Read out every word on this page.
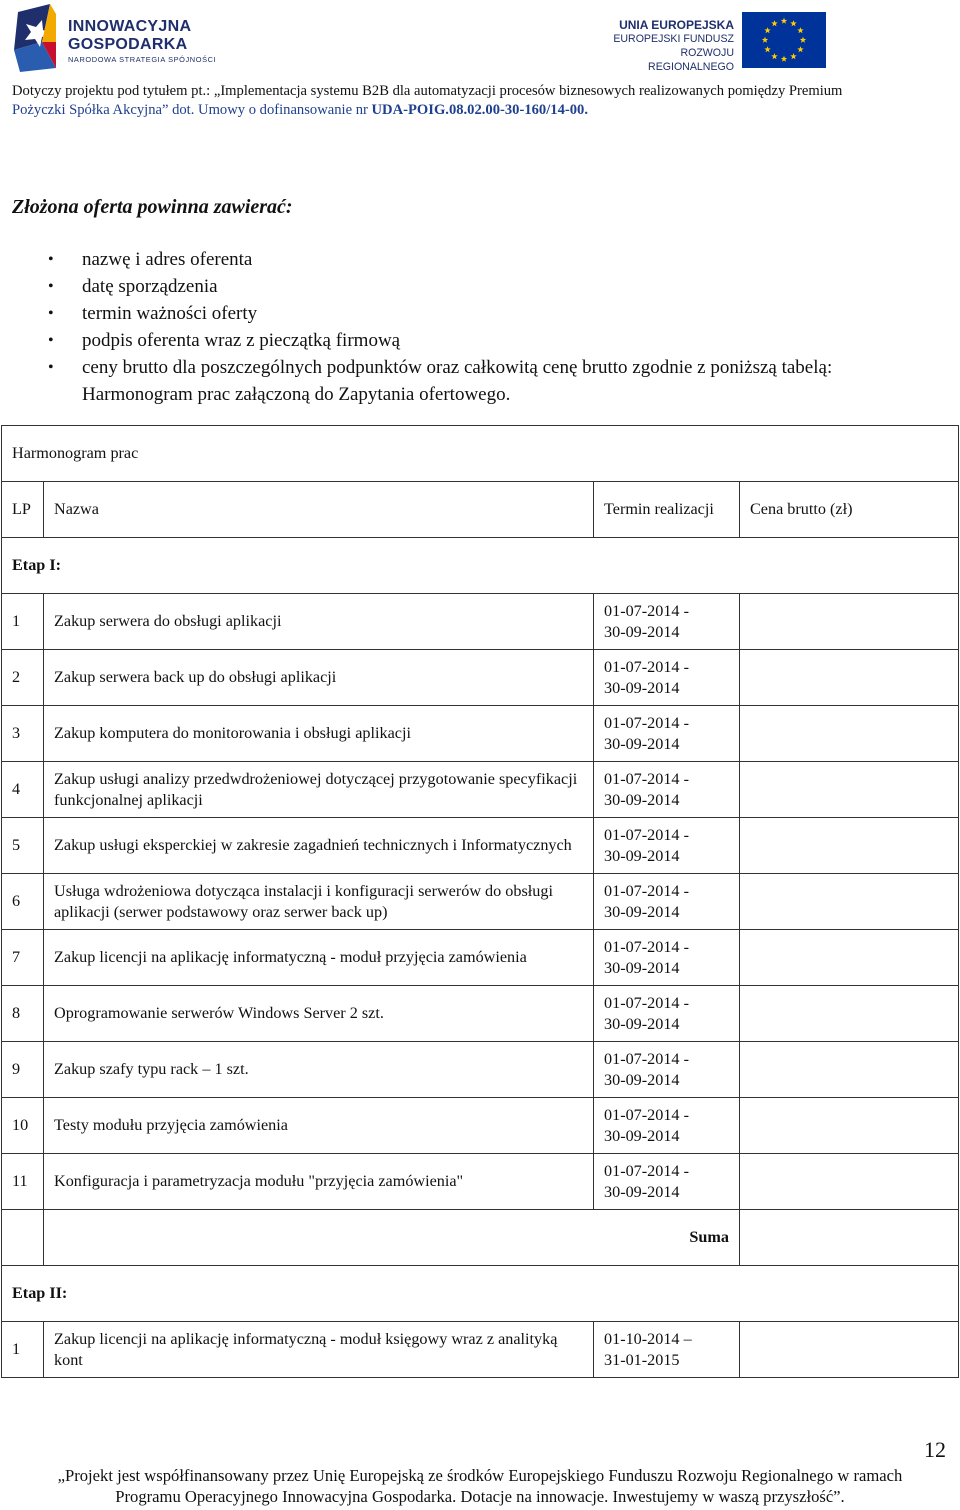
INNOWACYJNA
GOSPODARKA
NARODOWA STRATEGIA SPÓJNOŚCI
UNIA EUROPEJSKA
EUROPEJSKI FUNDUSZ
ROZWOJU REGIONALNEGO
Dotyczy projektu pod tytułem pt.: „Implementacja systemu B2B dla automatyzacji procesów biznesowych realizowanych pomiędzy Premium
Pożyczki Spółka Akcyjna” dot. Umowy o dofinansowanie nr UDA-POIG.08.02.00-30-160/14-00.
Złożona oferta powinna zawierać:
• nazwę i adres oferenta
• datę sporządzenia
• termin ważności oferty
• podpis oferenta wraz z pieczątką firmową
• ceny brutto dla poszczególnych podpunktów oraz całkowitą cenę brutto zgodnie z poniższą tabelą: Harmonogram prac załączoną do Zapytania ofertowego.
Harmonogram prac			
LP	Nazwa	Termin realizacji	Cena brutto (zł)
Etap I:			
1	Zakup serwera do obsługi aplikacji	01-07-2014 -
30-09-2014	

2	Zakup serwera back up do obsługi aplikacji	01-07-2014 -
30-09-2014	

3	Zakup komputera do monitorowania i obsługi aplikacji	01-07-2014 -
30-09-2014	

4	Zakup usługi analizy przedwdrożeniowej dotyczącej przygotowanie specyfikacji funkcjonalnej aplikacji	01-07-2014 -
30-09-2014	

5	Zakup usługi eksperckiej w zakresie zagadnień technicznych i Informatycznych	01-07-2014 -
30-09-2014	

6	Usługa wdrożeniowa dotycząca instalacji i konfiguracji serwerów do obsługi aplikacji (serwer podstawowy oraz serwer back up)	01-07-2014 -
30-09-2014	

7	Zakup licencji na aplikację informatyczną - moduł przyjęcia zamówienia	01-07-2014 -
30-09-2014	

8	Oprogramowanie serwerów Windows Server 2 szt.	01-07-2014 -
30-09-2014	

9	Zakup szafy typu rack – 1 szt.	01-07-2014 -
30-09-2014	

10	Testy modułu przyjęcia zamówienia	01-07-2014 -
30-09-2014	

11	Konfiguracja i parametryzacja modułu "przyjęcia zamówienia"	01-07-2014 -
30-09-2014	

	Suma		
Etap II:			
1	Zakup licencji na aplikację informatyczną - moduł księgowy wraz z analityką kont	01-10-2014 –
31-01-2015	

12
„Projekt jest współfinansowany przez Unię Europejską ze środków Europejskiego Funduszu Rozwoju Regionalnego w ramach
Programu Operacyjnego Innowacyjna Gospodarka. Dotacje na innowacje. Inwestujemy w waszą przyszłość”.
